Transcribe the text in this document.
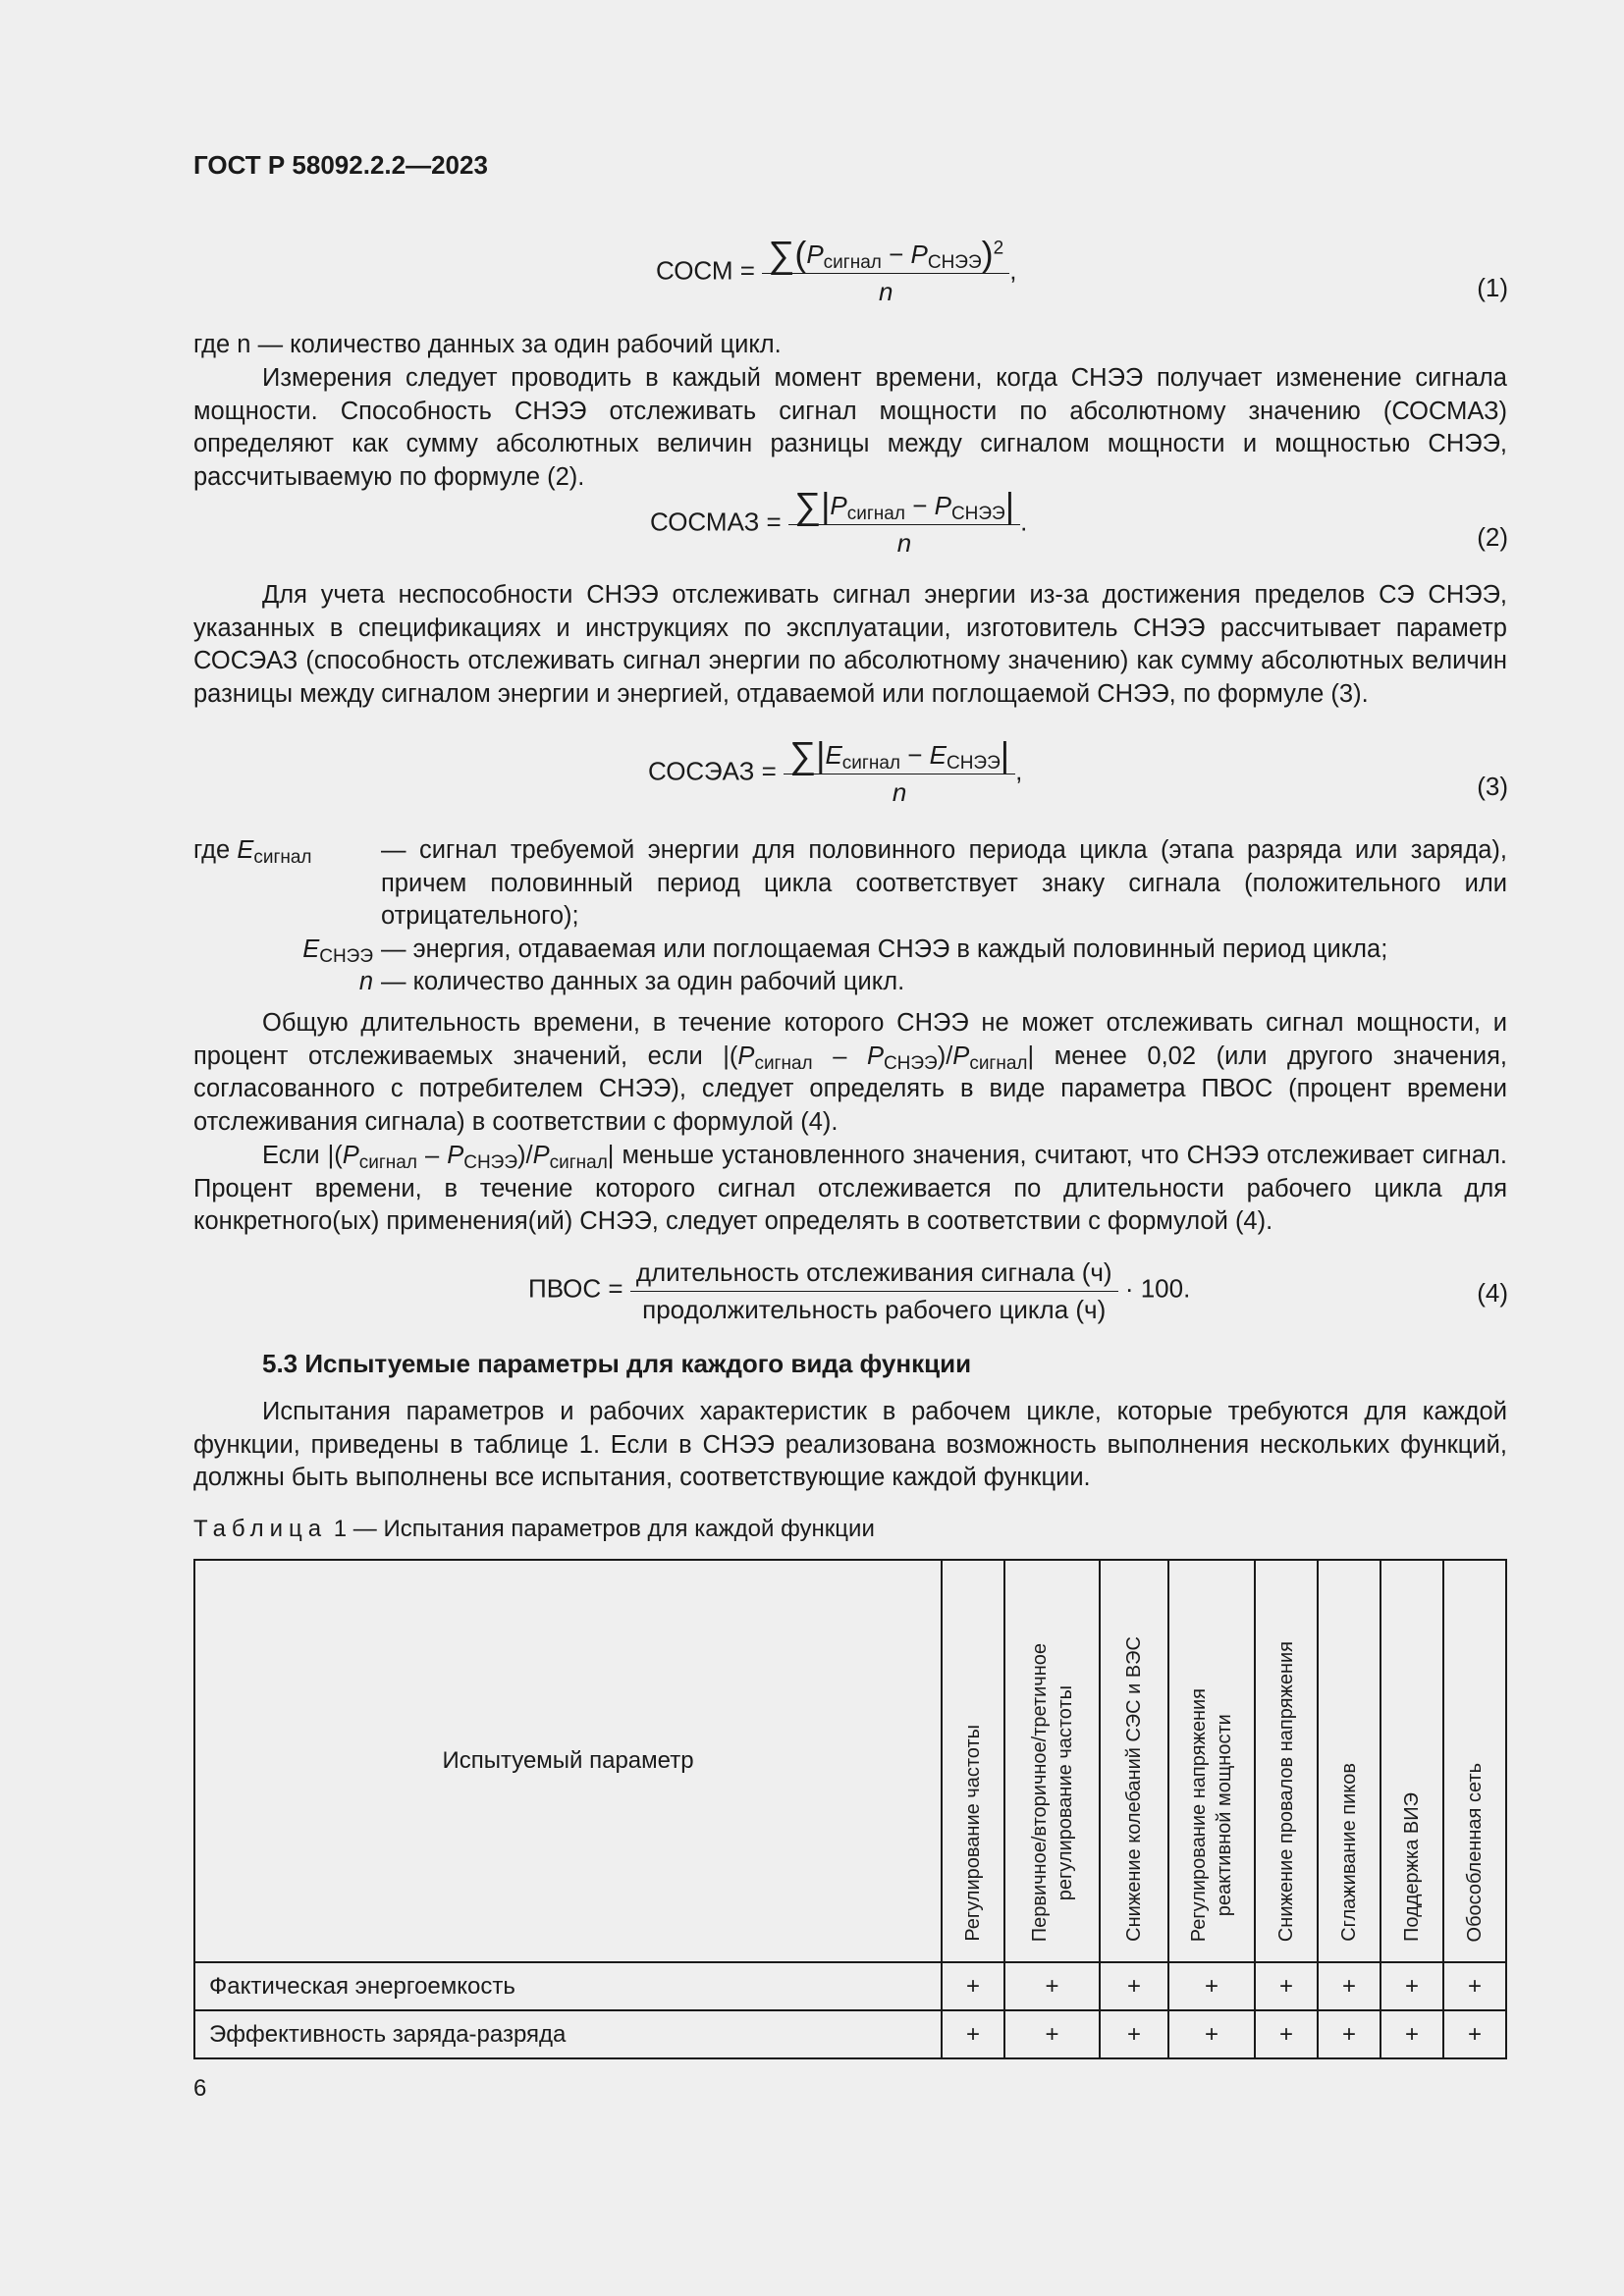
ГОСТ Р 58092.2.2—2023
СОСМ = $\frac{\sum(P_{сигнал} - P_{СНЭЭ})^2}{n}$ ,
(1)

где n — количество данных за один рабочий цикл.

Измерения следует проводить в каждый момент времени, когда СНЭЭ получает изменение сигнала мощности. Способность СНЭЭ отслеживать сигнал мощности по абсолютному значению (СОСМАЗ) определяют как сумму абсолютных величин разницы между сигналом мощности и мощностью СНЭЭ, рассчитываемую по формуле (2).

СОСМАЗ = $\frac{\sum|P_{сигнал} - P_{СНЭЭ}|}{n}$ .
(2)

Для учета неспособности СНЭЭ отслеживать сигнал энергии из-за достижения пределов СЭ СНЭЭ, указанных в спецификациях и инструкциях по эксплуатации, изготовитель СНЭЭ рассчитывает параметр СОСЭАЗ (способность отслеживать сигнал энергии по абсолютному значению) как сумму абсолютных величин разницы между сигналом энергии и энергией, отдаваемой или поглощаемой СНЭЭ, по формуле (3).

СОСЭАЗ = $\frac{\sum|E_{сигнал} - E_{СНЭЭ}|}{n}$ ,
(3)
где $E_{сигнал}$	— сигнал требуемой энергии для половинного периода цикла (этапа разряда или заряда), причем половинный период цикла соответствует знаку сигнала (положительного или отрицательного);
$E_{СНЭЭ}$ — энергия, отдаваемая или поглощаемая СНЭЭ в каждый половинный период цикла;
n — количество данных за один рабочий цикл.

Общую длительность времени, в течение которого СНЭЭ не может отслеживать сигнал мощности, и процент отслеживаемых значений, если $|(P_{сигнал} - P_{СНЭЭ})/P_{сигнал}|$ менее 0,02 (или другого значения, согласованного с потребителем СНЭЭ), следует определять в виде параметра ПВОС (процент времени отслеживания сигнала) в соответствии с формулой (4).

Если $|(P_{сигнал} - P_{СНЭЭ})/P_{сигнал}|$ меньше установленного значения, считают, что СНЭЭ отслеживает сигнал. Процент времени, в течение которого сигнал отслеживается по длительности рабочего цикла для конкретного(ых) применения(ий) СНЭЭ, следует определять в соответствии с формулой (4).

ПВОС = $\frac{\text{длительность отслеживания сигнала (ч)}}{\text{продолжительность рабочего цикла (ч)}} \cdot 100$.	(4)
5.3 Испытуемые параметры для каждого вида функции

Испытания параметров и рабочих характеристик в рабочем цикле, которые требуются для каждой функции, приведены в таблице 1. Если в СНЭЭ реализована возможность выполнения нескольких функций, должны быть выполнены все испытания, соответствующие каждой функции.

Таблица 1 — Испытания параметров для каждой функции
Испытуемый параметр	Регулирование частоты	Первичное/вторичное/третичное регулирование частоты	Снижение колебаний СЭС и ВЭС	Регулирование напряжения реактивной мощности	Снижение провалов напряжения	Сглаживание пиков	Поддержка ВИЭ	Обособленная сеть

Фактическая энергоемкость	+	+	+	+	+	+	+	+
Эффективность заряда-разряда	+	+	+	+	+	+	+	+
6
